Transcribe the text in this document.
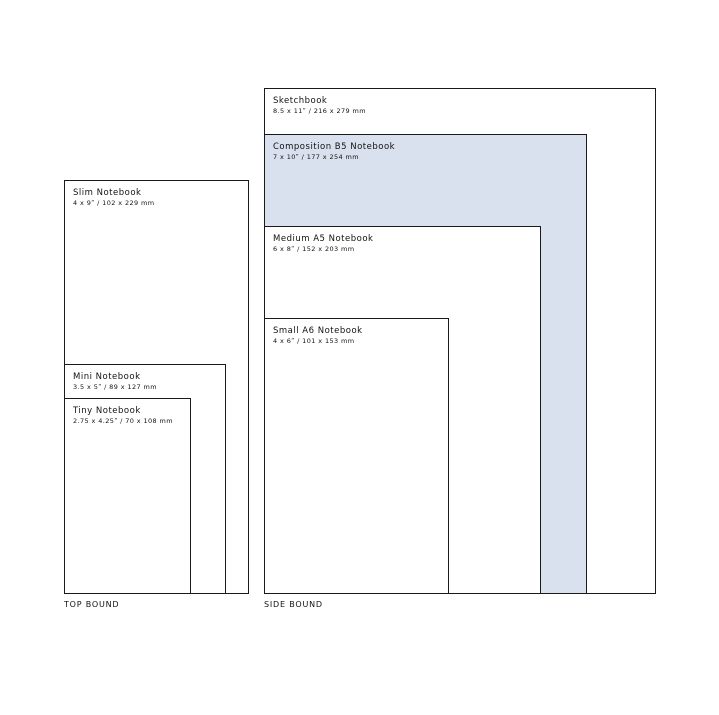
Slim Notebook
4 x 9ʺ / 102 x 229 mm
Mini Notebook
3.5 x 5ʺ / 89 x 127 mm
Tiny Notebook
2.75 x 4.25ʺ / 70 x 108 mm
TOP BOUND
Sketchbook
8.5 x 11ʺ / 216 x 279 mm
Composition B5 Notebook
7 x 10ʺ / 177 x 254 mm
Medium A5 Notebook
6 x 8ʺ / 152 x 203 mm
Small A6 Notebook
4 x 6ʺ / 101 x 153 mm
SIDE BOUND
